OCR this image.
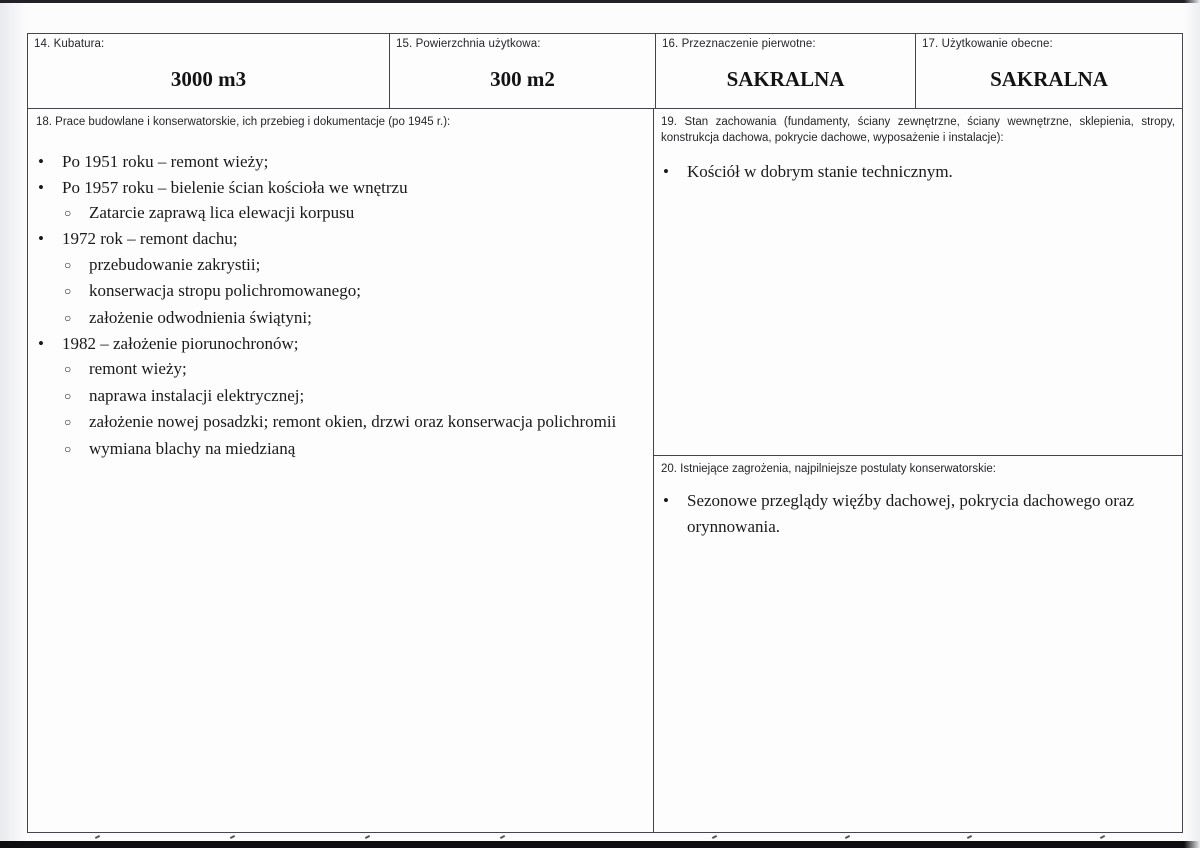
14. Kubatura:
3000 m3
15. Powierzchnia użytkowa:
300 m2
16. Przeznaczenie pierwotne:
SAKRALNA
17. Użytkowanie obecne:
SAKRALNA
18. Prace budowlane i konserwatorskie, ich przebieg i dokumentacje (po 1945 r.):
•	Po 1951 roku – remont wieży;
•	Po 1957 roku – bielenie ścian kościoła we wnętrzu
○	Zatarcie zaprawą lica elewacji korpusu
•	1972 rok – remont dachu;
○	przebudowanie zakrystii;
○	konserwacja stropu polichromowanego;
○	założenie odwodnienia świątyni;
•	1982 – założenie piorunochronów;
○	remont wieży;
○	naprawa instalacji elektrycznej;
○	założenie nowej posadzki; remont okien, drzwi oraz konserwacja polichromii
○	wymiana blachy na miedzianą
19. Stan zachowania (fundamenty, ściany zewnętrzne, ściany wewnętrzne, sklepienia, stropy, konstrukcja dachowa, pokrycie dachowe, wyposażenie i instalacje):
•	Kościół w dobrym stanie technicznym.
20. Istniejące zagrożenia, najpilniejsze postulaty konserwatorskie:
•	Sezonowe przeglądy więźby dachowej, pokrycia dachowego oraz orynnowania.
